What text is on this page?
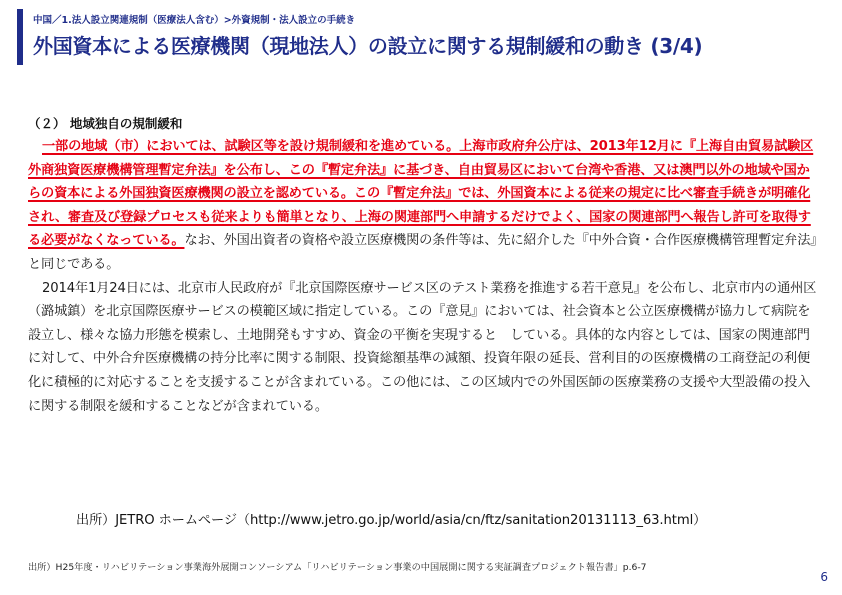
中国／1.法人設立関連規制（医療法人含む）>外資規制・法人設立の手続き
外国資本による医療機関（現地法人）の設立に関する規制緩和の動き (3/4)
（２） 地域独自の規制緩和

一部の地域（市）においては、試験区等を設け規制緩和を進めている。上海市政府弁公庁は、2013年12月に『上海自由貿易試験区外商独資医療機構管理暫定弁法』を公布し、この『暫定弁法』に基づき、自由貿易区において台湾や香港、又は澳門以外の地域や国からの資本による外国独資医療機関の設立を認めている。この『暫定弁法』では、外国資本による従来の規定に比べ審査手続きが明確化され、審査及び登録プロセスも従来よりも簡単となり、上海の関連部門へ申請するだけでよく、国家の関連部門へ報告し許可を取得する必要がなくなっている。なお、外国出資者の資格や設立医療機関の条件等は、先に紹介した『中外合資・合作医療機構管理暫定弁法』と同じである。

2014年1月24日には、北京市人民政府が『北京国際医療サービス区のテスト業務を推進する若干意見』を公布し、北京市内の通州区（潞城鎮）を北京国際医療サービスの模範区域に指定している。この『意見』においては、社会資本と公立医療機構が協力して病院を設立し、様々な協力形態を模索し、土地開発もすすめ、資金の平衡を実現すると　している。具体的な内容としては、国家の関連部門に対して、中外合弁医療機構の持分比率に関する制限、投資総額基準の減額、投資年限の延長、営利目的の医療機構の工商登記の利便化に積極的に対応することを支援することが含まれている。この他には、この区域内での外国医師の医療業務の支援や大型設備の投入に関する制限を緩和することなどが含まれている。

出所）JETRO ホームページ（http://www.jetro.go.jp/world/asia/cn/ftz/sanitation20131113_63.html）
出所）H25年度・リハビリテーション事業海外展開コンソーシアム「リハビリテーション事業の中国展開に関する実証調査プロジェクト報告書」p.6-7
6
